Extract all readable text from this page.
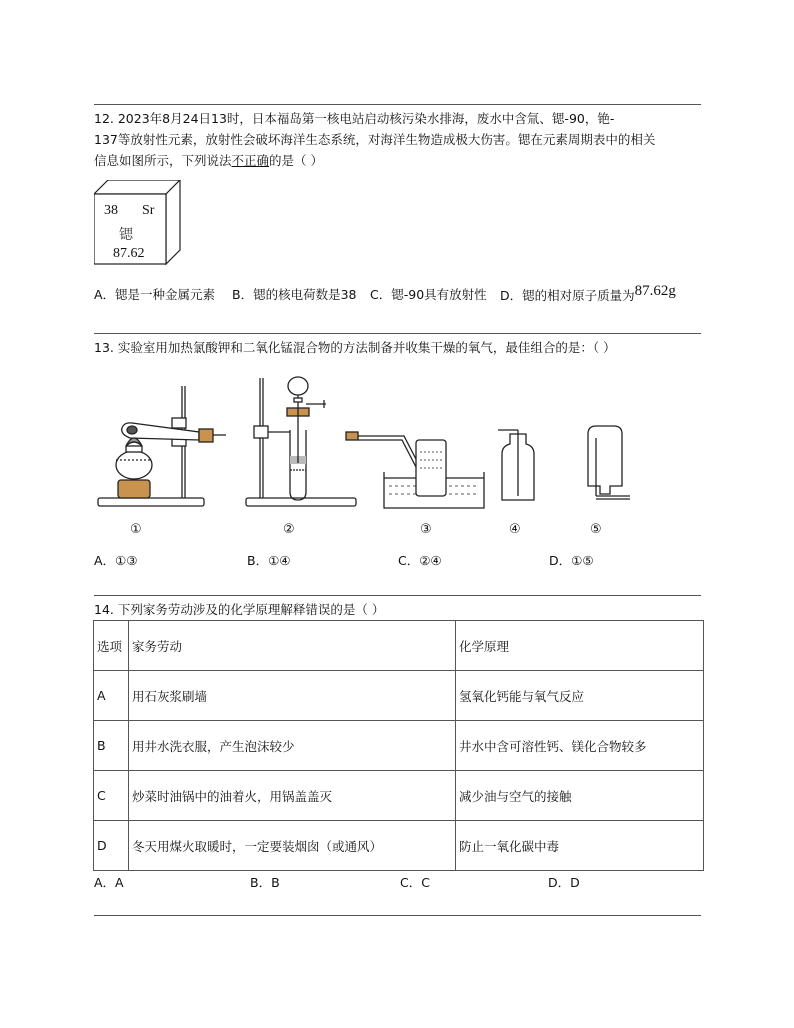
12. 2023年8月24日13时，日本福岛第一核电站启动核污染水排海，废水中含氚、锶-90，铯-
137等放射性元素，放射性会破坏海洋生态系统，对海洋生物造成极大伤害。锶在元素周期表中的相关
信息如图所示，下列说法不正确的是（ ）
38 Sr
锶
87.62
A．锶是一种金属元素 B．锶的核电荷数是38 C．锶-90具有放射性 D．锶的相对原子质量为87.62g
13. 实验室用加热氯酸钾和二氧化锰混合物的方法制备并收集干燥的氧气，最佳组合的是：（ ）
①	②	③	④	⑤
A．①③	B．①④	C．②④	D．①⑤
14. 下列家务劳动涉及的化学原理解释错误的是（ ）
选项	家务劳动	化学原理
A	用石灰浆刷墙	氢氧化钙能与氧气反应
B	用井水洗衣服，产生泡沫较少	井水中含可溶性钙、镁化合物较多
C	炒菜时油锅中的油着火，用锅盖盖灭	减少油与空气的接触
D	冬天用煤火取暖时，一定要装烟囱（或通风）	防止一氧化碳中毒
A．A	B．B	C．C	D．D
